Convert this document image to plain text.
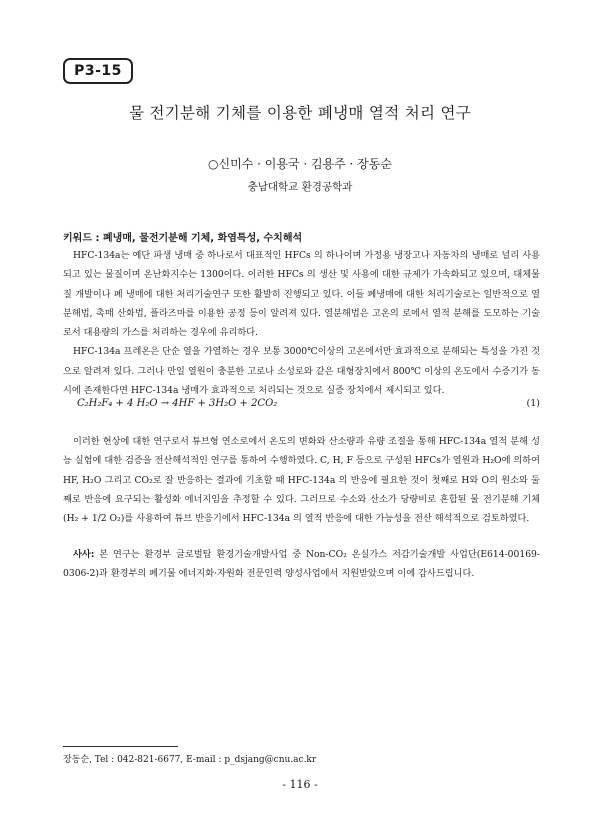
P3-15
물 전기분해 기체를 이용한 폐냉매 열적 처리 연구
○신미수 · 이용국 · 김용주 · 장동순
충남대학교 환경공학과
키워드 : 폐냉매, 물전기분해 기체, 화염특성, 수치해석

HFC-134a는 예단 파생 냉매 중 하나로서 대표적인 HFCs 의 하나이며 가정용 냉장고나 자동차의 냉매로 널리 사용되고 있는 물질이며 온난화지수는 1300이다. 이러한 HFCs 의 생산 및 사용에 대한 규제가 가속화되고 있으며, 대체물질 개발이나 폐 냉매에 대한 처리기술연구 또한 활발히 진행되고 있다. 이들 폐냉매에 대한 처리기술로는 일반적으로 열분해법, 촉매 산화법, 플라즈마를 이용한 공정 등이 알려져 있다. 열분해법은 고온의 로에서 열적 분해를 도모하는 기술로서 대용량의 가스를 처리하는 경우에 유리하다.

HFC-134a 프레온은 단순 열을 가열하는 경우 보통 3000℃이상의 고온에서만 효과적으로 분해되는 특성을 가진 것으로 알려져 있다. 그러나 만일 열원이 충분한 고로나 소성로와 같은 대형장치에서 800℃ 이상의 온도에서 수증기가 동시에 존재한다면 HFC-134a 냉매가 효과적으로 처리되는 것으로 실증 장치에서 제시되고 있다.

C₂H₂F₄ + 4 H₂O → 4HF + 3H₂O + 2CO₂	(1)

이러한 현상에 대한 연구로서 튜브형 연소로에서 온도의 변화와 산소량과 유량 조절을 통해 HFC-134a 열적 분해 성능 실험에 대한 검증을 전산해석적인 연구를 통하여 수행하였다. C, H, F 등으로 구성된 HFCs가 열원과 H₂O에 의하여 HF, H₂O 그리고 CO₂로 잘 반응하는 결과에 기초할 때 HFC-134a 의 반응에 필요한 것이 첫째로 H와 O의 원소와 둘째로 반응에 요구되는 활성화 에너지임을 추정할 수 있다. 그러므로 수소와 산소가 당량비로 혼합된 물 전기분해 기체(H₂ + 1/2 O₂)를 사용하여 튜브 반응기에서 HFC-134a 의 열적 반응에 대한 가능성을 전산 해석적으로 검토하였다.

사사: 본 연구는 환경부 글로벌탑 환경기술개발사업 중 Non-CO₂ 온실가스 저감기술개발 사업단(E614-00169-0306-2)과 환경부의 폐기물 에너지화·자원화 전문인력 양성사업에서 지원받았으며 이에 감사드립니다.

장동순, Tel : 042-821-6677, E-mail : p_dsjang@cnu.ac.kr
- 116 -
